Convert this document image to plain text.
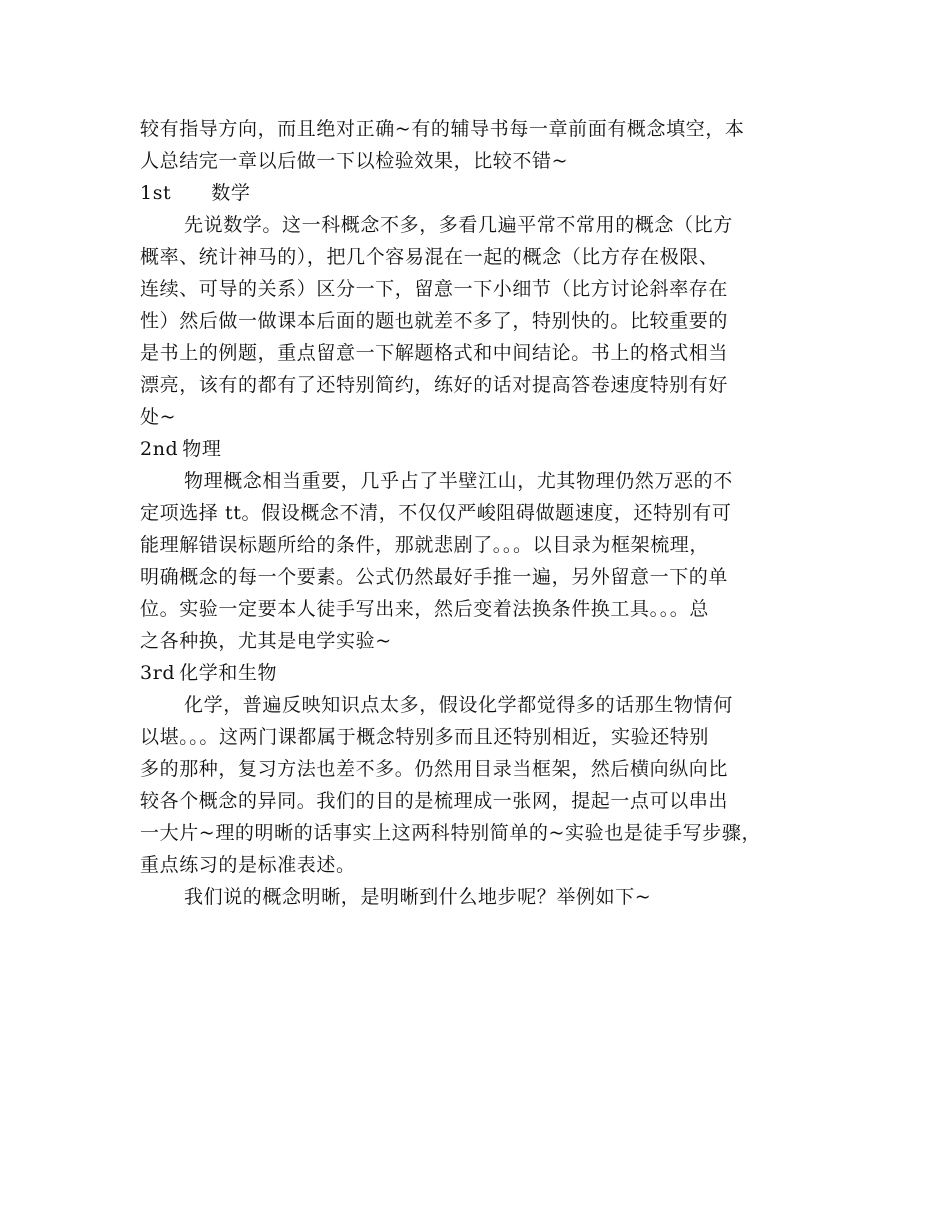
较有指导方向，而且绝对正确~有的辅导书每一章前面有概念填空，本
人总结完一章以后做一下以检验效果，比较不错~
1st 数学
先说数学。这一科概念不多，多看几遍平常不常用的概念（比方
概率、统计神马的），把几个容易混在一起的概念（比方存在极限、
连续、可导的关系）区分一下，留意一下小细节（比方讨论斜率存在
性）然后做一做课本后面的题也就差不多了，特别快的。比较重要的
是书上的例题，重点留意一下解题格式和中间结论。书上的格式相当
漂亮，该有的都有了还特别简约，练好的话对提高答卷速度特别有好
处~
2nd 物理
物理概念相当重要，几乎占了半壁江山，尤其物理仍然万恶的不
定项选择 tt。假设概念不清，不仅仅严峻阻碍做题速度，还特别有可
能理解错误标题所给的条件，那就悲剧了。。。以目录为框架梳理，
明确概念的每一个要素。公式仍然最好手推一遍，另外留意一下的单
位。实验一定要本人徒手写出来，然后变着法换条件换工具。。。总
之各种换，尤其是电学实验~
3rd 化学和生物
化学，普遍反映知识点太多，假设化学都觉得多的话那生物情何
以堪。。。这两门课都属于概念特别多而且还特别相近，实验还特别
多的那种，复习方法也差不多。仍然用目录当框架，然后横向纵向比
较各个概念的异同。我们的目的是梳理成一张网，提起一点可以串出
一大片~理的明晰的话事实上这两科特别简单的~实验也是徒手写步骤，
重点练习的是标准表述。
我们说的概念明晰，是明晰到什么地步呢？举例如下~
